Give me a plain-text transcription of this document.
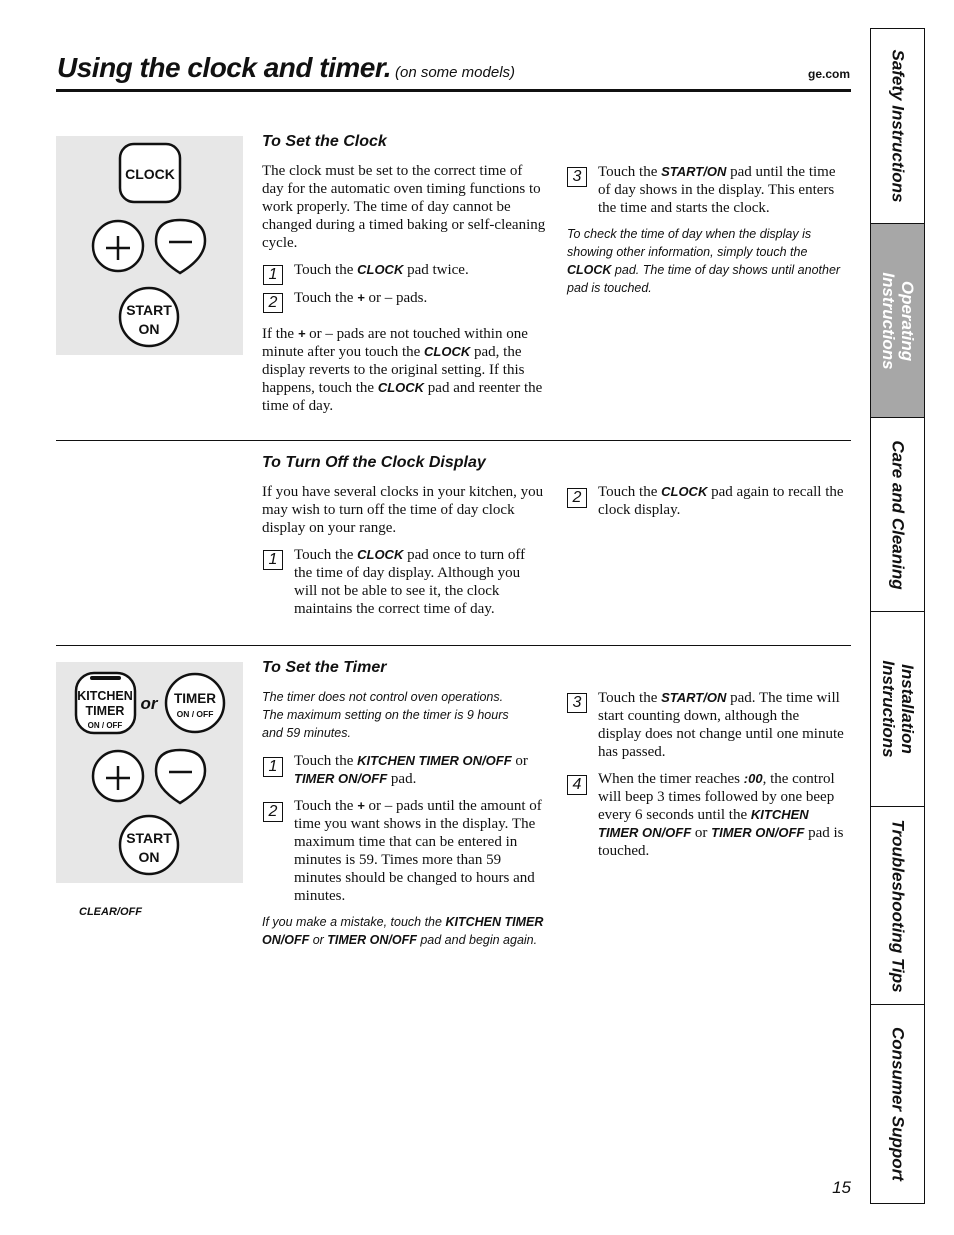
Using the clock and timer. (on some models)	ge.com
CLOCK
START
ON
To Set the Clock
The clock must be set to the correct time of day for the automatic oven timing functions to work properly. The time of day cannot be changed during a timed baking or self-cleaning cycle.
1	Touch the CLOCK pad twice.
2	Touch the + or – pads.
If the + or – pads are not touched within one minute after you touch the CLOCK pad, the display reverts to the original setting. If this happens, touch the CLOCK pad and reenter the time of day.
3	Touch the START/ON pad until the time of day shows in the display. This enters the time and starts the clock.
To check the time of day when the display is showing other information, simply touch the CLOCK pad. The time of day shows until another pad is touched.
To Turn Off the Clock Display
If you have several clocks in your kitchen, you may wish to turn off the time of day clock display on your range.
1	Touch the CLOCK pad once to turn off the time of day display. Although you will not be able to see it, the clock maintains the correct time of day.
2	Touch the CLOCK pad again to recall the clock display.
KITCHEN
TIMER
ON / OFF
or TIMER
ON / OFF
START
ON
CLEAR/OFF
To Set the Timer
The timer does not control oven operations.
The maximum setting on the timer is 9 hours and 59 minutes.
1	Touch the KITCHEN TIMER ON/OFF or TIMER ON/OFF pad.
2	Touch the + or – pads until the amount of time you want shows in the display. The maximum time that can be entered in minutes is 59. Times more than 59 minutes should be changed to hours and minutes.
If you make a mistake, touch the KITCHEN TIMER ON/OFF or TIMER ON/OFF pad and begin again.
3	Touch the START/ON pad. The time will start counting down, although the display does not change until one minute has passed.
4	When the timer reaches :00, the control will beep 3 times followed by one beep every 6 seconds until the KITCHEN TIMER ON/OFF or TIMER ON/OFF pad is touched.
Safety Instructions
Operating
Instructions
Care and Cleaning
Installation
Instructions
Troubleshooting Tips
Consumer Support
15
